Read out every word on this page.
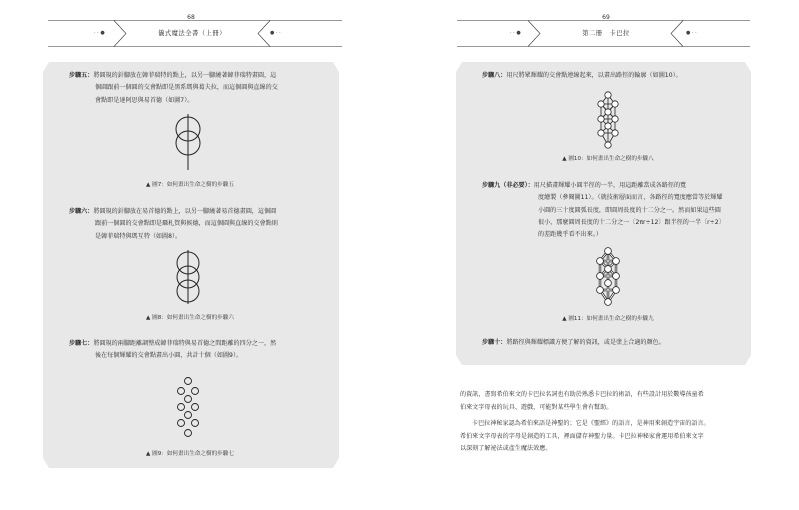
68
儀式魔法全書（上冊）
· · ●	● · ·
步驟五： 將圓規的針腳放在韓菲瑞特的點上，以另一腳繞著韓菲瑞特畫圓，這
個圓跟前一個圓的交會點即是黑系瑪與葛夫拉，而這個圓與直線的交
會點即是達阿思與易首德（如圖7）。
▲ 圖7：如何畫出生命之樹的步驟五
步驟六： 將圓規的針腳放在易首德的點上，以另一腳繞著易首德畫圓，這個圓
跟前一個圓的交會點即是聶札賀與候德，而這個圓與直線的交會點則
是韓菲瑞特與瑪互特（如圖8）。
▲ 圖8：如何畫出生命之樹的步驟六
步驟七： 將圓規的兩腳距離調整成韓菲瑞特與易首德之間距離的四分之一，然
後在每個輝耀的交會點畫出小圓，共計十個（如圖9）。
▲ 圖9：如何畫出生命之樹的步驟七
69
第二冊　卡巴拉
· · ●	● · ·
步驟八： 用尺將眾輝耀的交會點連線起來，以畫出路徑的輪廓（如圖10）。
▲ 圖10：如何畫出生命之樹的步驟八
步驟九（非必要）： 用尺描畫輝耀小圓半徑的一半，用這距離當成各路徑的寬
度繪製（參閱圖11）。（就技術層面而言，各路徑的寬度應當等於輝耀
小圓的三十度圓弧長度，即圓周長度的十二分之一。然而如果這些圓
很小，那麼圓周長度的十二分之一〔2πr÷12〕跟半徑的一半〔r÷2〕
的差距幾乎看不出來。）
▲ 圖11：如何畫出生命之樹的步驟九
步驟十： 將路徑與輝耀標識方便了解的資訊，或是塗上合適的顏色。
的資訊，書寫希伯來文的卡巴拉名詞也有助於熟悉卡巴拉的術語，有些設計用於數導孩童希
伯來文字母表的玩具、遊戲，可能對某些學生會有幫助。
卡巴拉神秘家認為希伯來語是神聖的；它是《聖經》的語言，是神用來創造宇宙的語言。
希伯來文字母表的字母是創造的工具，裡面儲存神聖力量。卡巴拉神秘家會運用希伯來文字
以深刻了解祕法或產生魔法效應。
